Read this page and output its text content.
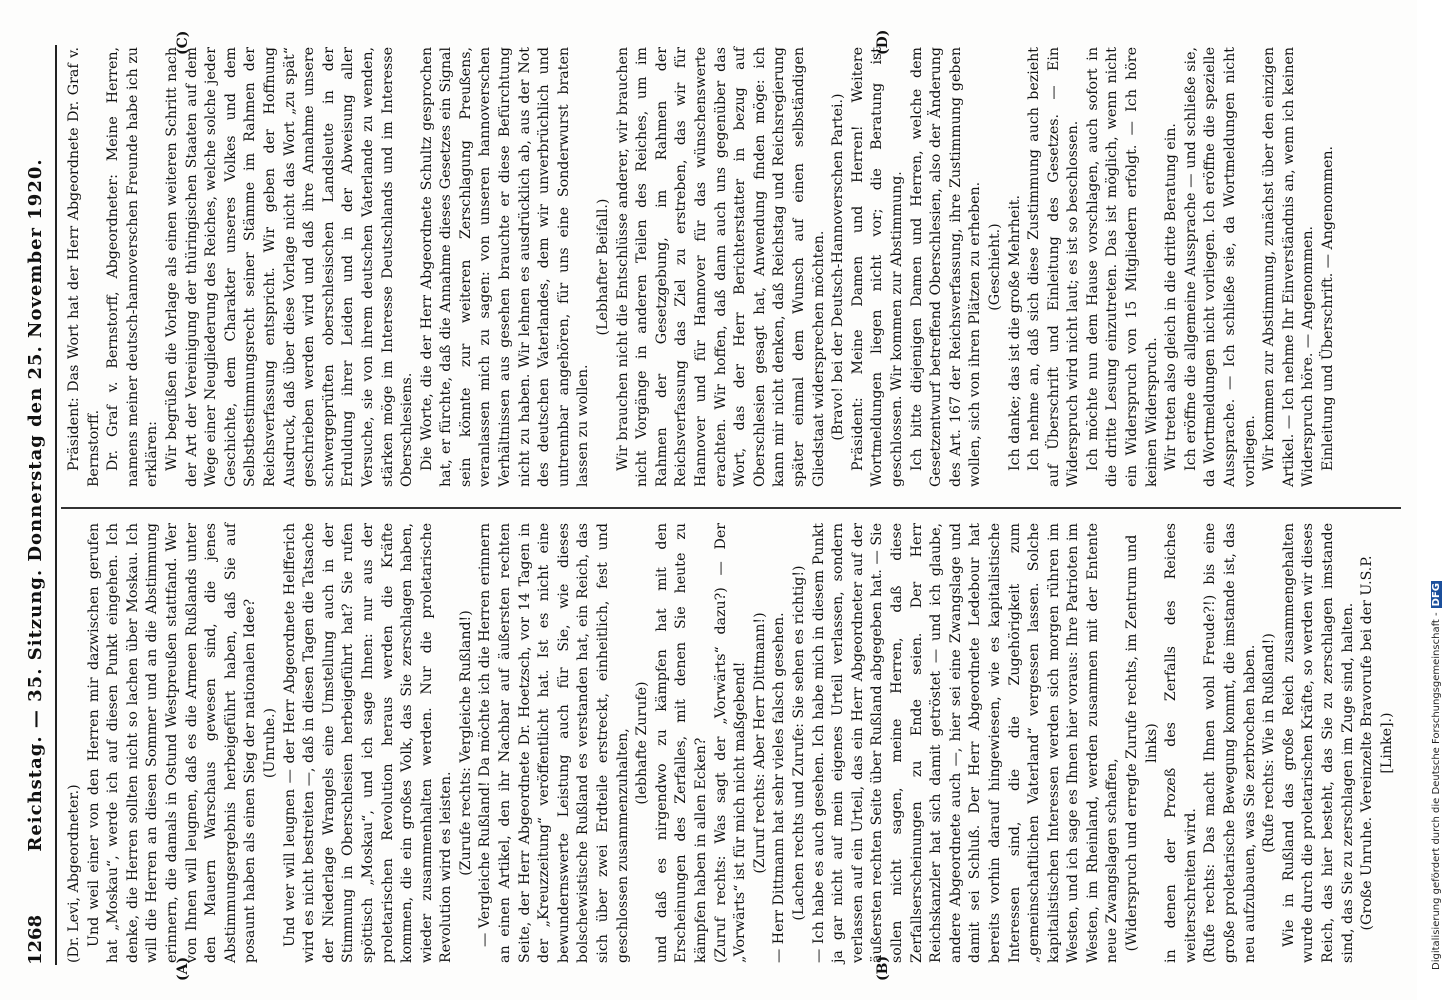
1268
Reichstag. — 35. Sitzung. Donnerstag den 25. November 1920.
(A)	(B)
(C)	(D)

(Dr. Levi, Abgeordneter.) Und weil einer von den Herren mir dazwischen gerufen hat „Moskau“, werde ich auf diesen Punkt eingehen. Ich denke, die Herren sollten nicht so lachen über Moskau. Ich will die Herren an diesen Sommer und an die Abstimmung erinnern, die damals in Ostund Westpreußen stattfand. Wer von Ihnen will leugnen, daß es die Armeen Rußlands unter den Mauern Warschaus gewesen sind, die jenes Abstimmungsergebnis herbeigeführt haben, daß Sie auf posaunt haben als einen Sieg der nationalen Idee? (Unruhe.) Und wer will leugnen — der Herr Abgeordnete Helfferich wird es nicht bestreiten —, daß in diesen Tagen die Tatsache der Niederlage Wrangels eine Umstellung auch in der Stimmung in Oberschlesien herbeigeführt hat? Sie rufen spöttisch „Moskau“, und ich sage Ihnen: nur aus der proletarischen Revolution heraus werden die Kräfte kommen, die ein großes Volk, das Sie zerschlagen haben, wieder zusammenhalten werden. Nur die proletarische Revolution wird es leisten. (Zurufe rechts: Vergleiche Rußland!) — Vergleiche Rußland! Da möchte ich die Herren erinnern an einen Artikel, den ihr Nachbar auf äußersten rechten Seite, der Herr Abgeordnete Dr. Hoetzsch, vor 14 Tagen in der „Kreuzzeitung“ veröffentlicht hat. Ist es nicht eine bewundernswerte Leistung auch für Sie, wie dieses bolschewistische Rußland es verstanden hat, ein Reich, das sich über zwei Erdteile erstreckt, einheitlich, fest und geschlossen zusammenzuhalten, (lebhafte Zurufe) und daß es nirgendwo zu kämpfen hat mit den Erscheinungen des Zerfalles, mit denen Sie heute zu kämpfen haben in allen Ecken? (Zuruf rechts: Was sagt der „Vorwärts“ dazu?) — Der „Vorwärts“ ist für mich nicht maßgebend! (Zuruf rechts: Aber Herr Dittmann!) — Herr Dittmann hat sehr vieles falsch gesehen. (Lachen rechts und Zurufe: Sie sehen es richtig!) — Ich habe es auch gesehen. Ich habe mich in diesem Punkt ja gar nicht auf mein eigenes Urteil verlassen, sondern verlassen auf ein Urteil, das ein Herr Abgeordneter auf der äußersten rechten Seite über Rußland abgegeben hat. — Sie sollen nicht sagen, meine Herren, daß diese Zerfallserscheinungen zu Ende seien. Der Herr Reichskanzler hat sich damit getröstet — und ich glaube, andere Abgeordnete auch —, hier sei eine Zwangslage und damit sei Schluß. Der Herr Abgeordnete Ledebour hat bereits vorhin darauf hingewiesen, wie es kapitalistische Interessen sind, die die Zugehörigkeit zum „gemeinschaftlichen Vaterland“ vergessen lassen. Solche kapitalistischen Interessen werden sich morgen rühren im Westen, und ich sage es Ihnen hier voraus: Ihre Patrioten im Westen, im Rheinland, werden zusammen mit der Entente neue Zwangslagen schaffen, (Widerspruch und erregte Zurufe rechts, im Zentrum und links) in denen der Prozeß des Zerfalls des Reiches weiterschreiten wird. (Rufe rechts: Das macht Ihnen wohl Freude?!) bis eine große proletarische Bewegung kommt, die imstande ist, das neu aufzubauen, was Sie zerbrochen haben. (Rufe rechts: Wie in Rußland!) Wie in Rußland das große Reich zusammengehalten wurde durch die proletarischen Kräfte, so werden wir dieses Reich, das hier besteht, das Sie zu zerschlagen imstande sind, das Sie zu zerschlagen im Zuge sind, halten. (Große Unruhe. Vereinzelte Bravorufe bei der U.S.P. [Linke].)

Präsident: Das Wort hat der Herr Abgeordnete Dr. Graf v. Bernstorff. Dr. Graf v. Bernstorff, Abgeordneter: Meine Herren, namens meiner deutsch-hannoverschen Freunde habe ich zu erklären: Wir begrüßen die Vorlage als einen weiteren Schritt nach der Art der Vereinigung der thüringischen Staaten auf dem Wege einer Neugliederung des Reiches, welche solche jeder Geschichte, dem Charakter unseres Volkes und dem Selbstbestimmungsrecht seiner Stämme im Rahmen der Reichsverfassung entspricht. Wir geben der Hoffnung Ausdruck, daß über diese Vorlage nicht das Wort „zu spät“ geschrieben werden wird und daß ihre Annahme unsere schwergeprüften oberschlesischen Landsleute in der Erduldung ihrer Leiden und in der Abweisung aller Versuche, sie von ihrem deutschen Vaterlande zu wenden, stärken möge im Interesse Deutschlands und im Interesse Oberschlesiens. Die Worte, die der Herr Abgeordnete Schultz gesprochen hat, er fürchte, daß die Annahme dieses Gesetzes ein Signal sein könnte zur weiteren Zerschlagung Preußens, veranlassen mich zu sagen: von unseren hannoverschen Verhältnissen aus gesehen brauchte er diese Befürchtung nicht zu haben. Wir lehnen es ausdrücklich ab, aus der Not des deutschen Vaterlandes, dem wir unverbrüchlich und untrennbar angehören, für uns eine Sonderwurst braten lassen zu wollen.

(Lebhafter Beifall.) Wir brauchen nicht die Entschlüsse anderer, wir brauchen nicht Vorgänge in anderen Teilen des Reiches, um im Rahmen der Gesetzgebung, im Rahmen der Reichsverfassung das Ziel zu erstreben, das wir für Hannover und für Hannover für das wünschenswerte erachten. Wir hoffen, daß dann auch uns gegenüber das Wort, das der Herr Berichterstatter in bezug auf Oberschlesien gesagt hat, Anwendung finden möge: ich kann mir nicht denken, daß Reichstag und Reichsregierung später einmal dem Wunsch auf einen selbständigen Gliedstaat widersprechen möchten. (Bravo! bei der Deutsch-Hannoverschen Partei.) Präsident: Meine Damen und Herren! Weitere Wortmeldungen liegen nicht vor; die Beratung ist geschlossen. Wir kommen zur Abstimmung. Ich bitte diejenigen Damen und Herren, welche dem Gesetzentwurf betreffend Oberschlesien, also der Änderung des Art. 167 der Reichsverfassung, ihre Zustimmung geben wollen, sich von ihren Plätzen zu erheben. (Geschieht.) Ich danke; das ist die große Mehrheit. Ich nehme an, daß sich diese Zustimmung auch bezieht auf Überschrift und Einleitung des Gesetzes. — Ein Widerspruch wird nicht laut; es ist so beschlossen. Ich möchte nun dem Hause vorschlagen, auch sofort in die dritte Lesung einzutreten. Das ist möglich, wenn nicht ein Widerspruch von 15 Mitgliedern erfolgt. — Ich höre keinen Widerspruch. Wir treten also gleich in die dritte Beratung ein. Ich eröffne die allgemeine Aussprache — und schließe sie, da Wortmeldungen nicht vorliegen. Ich eröffne die spezielle Aussprache. — Ich schließe sie, da Wortmeldungen nicht vorliegen. Wir kommen zur Abstimmung, zunächst über den einzigen Artikel. — Ich nehme Ihr Einverständnis an, wenn ich keinen Widerspruch höre. — Angenommen. Einleitung und Überschrift. — Angenommen.

Digitalisierung gefördert durch die Deutsche Forschungsgemeinschaft -DFG
